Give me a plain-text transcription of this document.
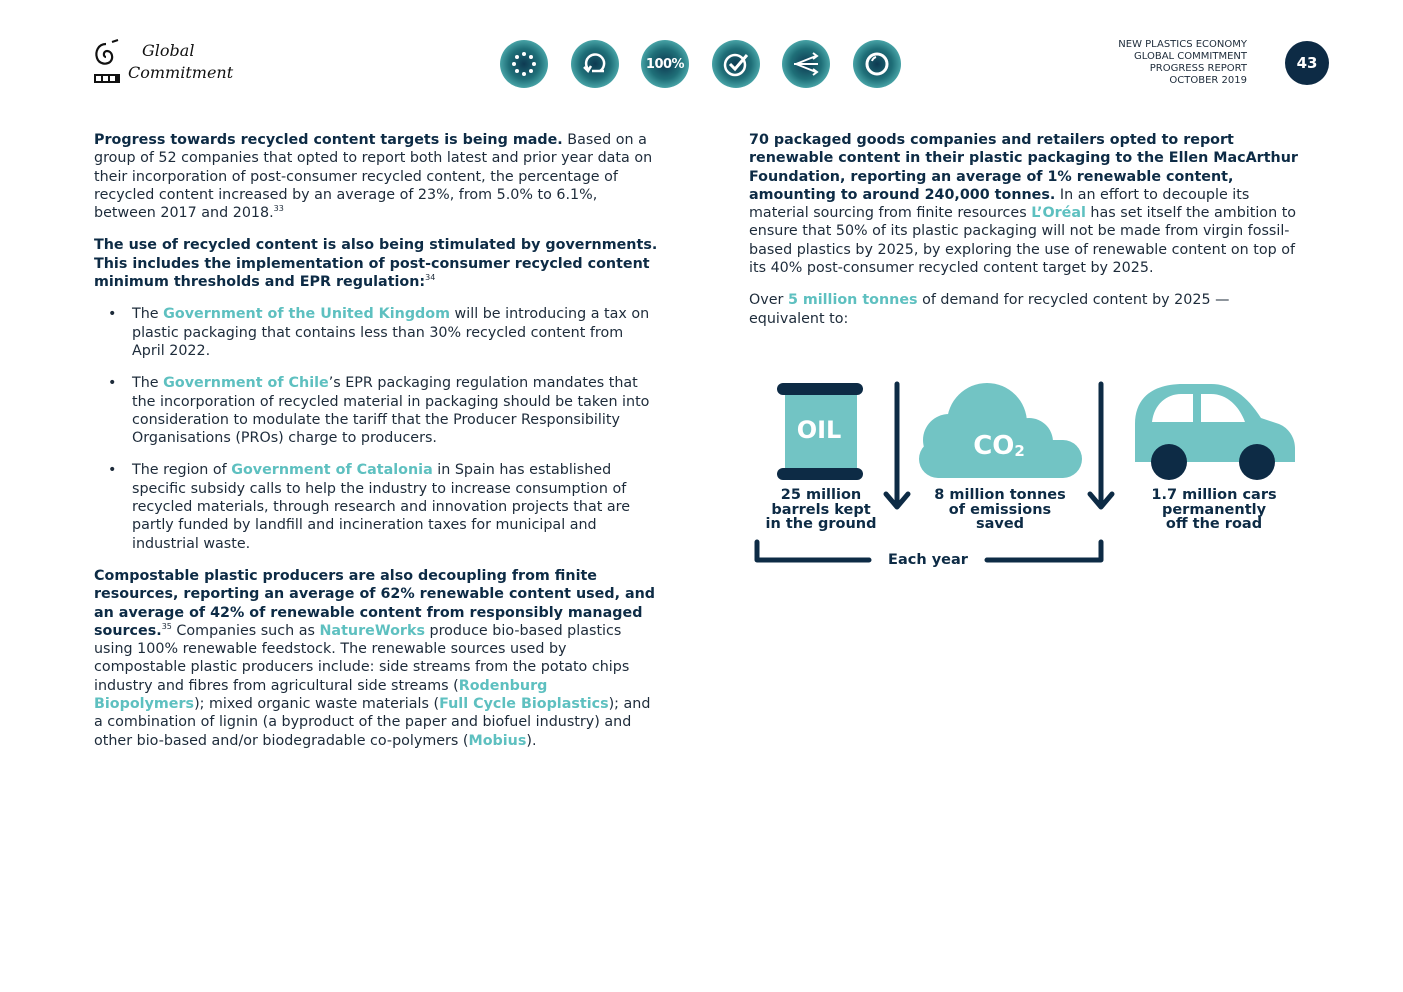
Global
Commitment	100%
NEW PLASTICS ECONOMY
GLOBAL COMMITMENT
PROGRESS REPORT
OCTOBER 2019
43

Progress towards recycled content targets is being made. Based on a group of 52 companies that opted to report both latest and prior year data on their incorporation of post-consumer recycled content, the percentage of recycled content increased by an average of 23%, from 5.0% to 6.1%, between 2017 and 2018.33

The use of recycled content is also being stimulated by governments. This includes the implementation of post-consumer recycled content minimum thresholds and EPR regulation:$^{34}$

• The Government of the United Kingdom will be introducing a tax on plastic packaging that contains less than 30% recycled content from April 2022.
• The Government of Chile’s EPR packaging regulation mandates that the incorporation of recycled material in packaging should be taken into consideration to modulate the tariff that the Producer Responsibility Organisations (PROs) charge to producers.
• The region of Government of Catalonia in Spain has established specific subsidy calls to help the industry to increase consumption of recycled materials, through research and innovation projects that are partly funded by landfill and incineration taxes for municipal and industrial waste.

Compostable plastic producers are also decoupling from finite resources, reporting an average of 62% renewable content used, and an average of 42% of renewable content from responsibly managed sources.$^{35}$ Companies such as NatureWorks produce bio-based plastics using 100% renewable feedstock. The renewable sources used by compostable plastic producers include: side streams from the potato chips industry and fibres from agricultural side streams (Rodenburg Biopolymers); mixed organic waste materials (Full Cycle Bioplastics); and a combination of lignin (a byproduct of the paper and biofuel industry) and other bio-based and/or biodegradable co-polymers (Mobius).

70 packaged goods companies and retailers opted to report renewable content in their plastic packaging to the Ellen MacArthur Foundation, reporting an average of 1% renewable content, amounting to around 240,000 tonnes. In an effort to decouple its material sourcing from finite resources L’Oréal has set itself the ambition to ensure that 50% of its plastic packaging will not be made from virgin fossil-based plastics by 2025, by exploring the use of renewable content on top of its 40% post-consumer recycled content target by 2025.

Over 5 million tonnes of demand for recycled content by 2025 — equivalent to:

OIL
$CO_2$
25 million
barrels kept
in the ground
8 million tonnes
of emissions
saved
1.7 million cars
permanently
off the road
Each year
